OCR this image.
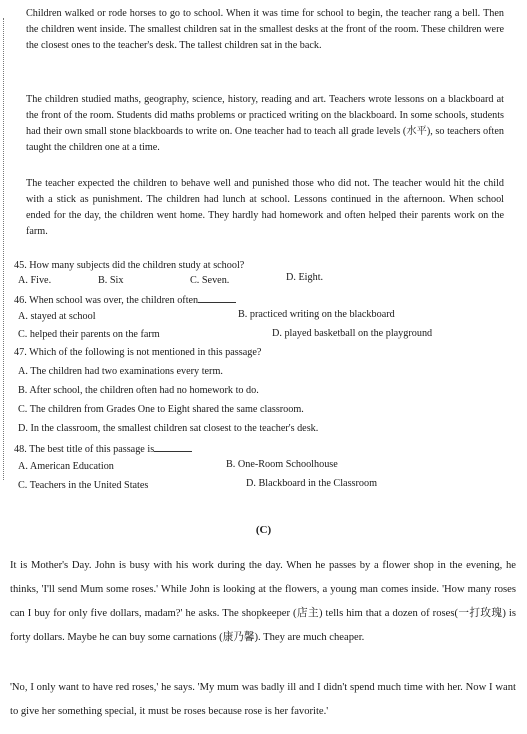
Children walked or rode horses to go to school. When it was time for school to begin, the teacher rang a bell. Then the children went inside. The smallest children sat in the smallest desks at the front of the room. These children were the closest ones to the teacher's desk. The tallest children sat in the back.
The children studied maths, geography, science, history, reading and art. Teachers wrote lessons on a blackboard at the front of the room. Students did maths problems or practiced writing on the blackboard. In some schools, students had their own small stone blackboards to write on. One teacher had to teach all grade levels (水平), so teachers often taught the children one at a time.
The teacher expected the children to behave well and punished those who did not. The teacher would hit the child with a stick as punishment. The children had lunch at school. Lessons continued in the afternoon. When school ended for the day, the children went home. They hardly had homework and often helped their parents work on the farm.
45. How many subjects did the children study at school?
A. Five.	B. Six	C. Seven.	D. Eight.
46. When school was over, the children often
A. stayed at school	B. practiced writing on the blackboard
C. helped their parents on the farm	D. played basketball on the playground
47. Which of the following is not mentioned in this passage?
A. The children had two examinations every term.
B. After school, the children often had no homework to do.
C. The children from Grades One to Eight shared the same classroom.
D. In the classroom, the smallest children sat closest to the teacher's desk.
48. The best title of this passage is
A. American Education	B. One-Room Schoolhouse
C. Teachers in the United States	D. Blackboard in the Classroom
(C)
It is Mother's Day. John is busy with his work during the day. When he passes by a flower shop in the evening, he thinks, 'I'll send Mum some roses.' While John is looking at the flowers, a young man comes inside. 'How many roses can I buy for only five dollars, madam?' he asks. The shopkeeper (店主) tells him that a dozen of roses(一打玫瑰) is forty dollars. Maybe he can buy some carnations (康乃馨). They are much cheaper.
'No, I only want to have red roses,' he says. 'My mum was badly ill and I didn't spend much time with her. Now I want to give her something special, it must be roses because rose is her favorite.'
